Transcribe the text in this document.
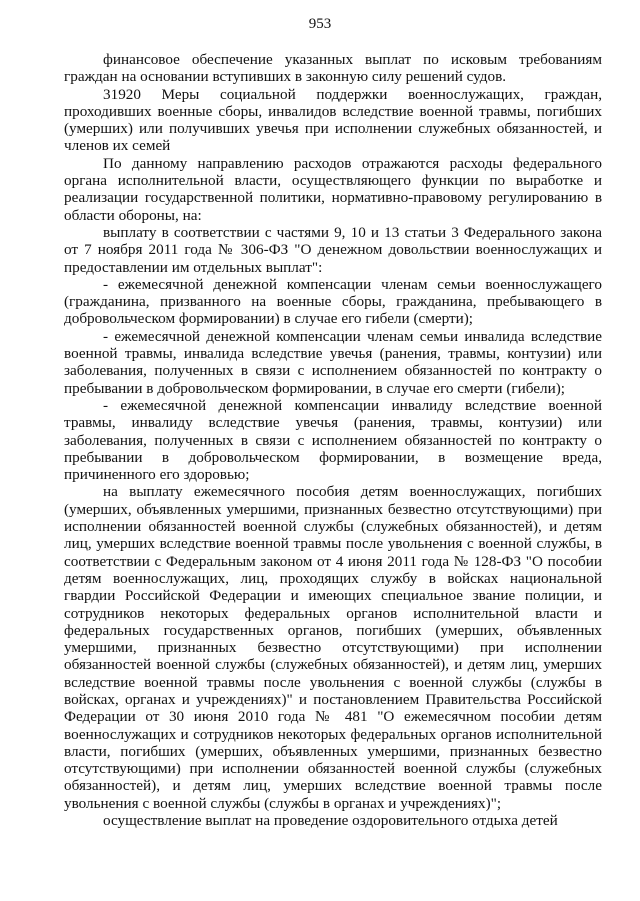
953

финансовое обеспечение указанных выплат по исковым требованиям граждан на основании вступивших в законную силу решений судов.

31920 Меры социальной поддержки военнослужащих, граждан, проходивших военные сборы, инвалидов вследствие военной травмы, погибших (умерших) или получивших увечья при исполнении служебных обязанностей, и членов их семей

По данному направлению расходов отражаются расходы федерального органа исполнительной власти, осуществляющего функции по выработке и реализации государственной политики, нормативно-правовому регулированию в области обороны, на:

выплату в соответствии с частями 9, 10 и 13 статьи 3 Федерального закона от 7 ноября 2011 года № 306-ФЗ "О денежном довольствии военнослужащих и предоставлении им отдельных выплат":

- ежемесячной денежной компенсации членам семьи военнослужащего (гражданина, призванного на военные сборы, гражданина, пребывающего в добровольческом формировании) в случае его гибели (смерти);

- ежемесячной денежной компенсации членам семьи инвалида вследствие военной травмы, инвалида вследствие увечья (ранения, травмы, контузии) или заболевания, полученных в связи с исполнением обязанностей по контракту о пребывании в добровольческом формировании, в случае его смерти (гибели);

- ежемесячной денежной компенсации инвалиду вследствие военной травмы, инвалиду вследствие увечья (ранения, травмы, контузии) или заболевания, полученных в связи с исполнением обязанностей по контракту о пребывании в добровольческом формировании, в возмещение вреда, причиненного его здоровью;

на выплату ежемесячного пособия детям военнослужащих, погибших (умерших, объявленных умершими, признанных безвестно отсутствующими) при исполнении обязанностей военной службы (служебных обязанностей), и детям лиц, умерших вследствие военной травмы после увольнения с военной службы, в соответствии с Федеральным законом от 4 июня 2011 года № 128-ФЗ "О пособии детям военнослужащих, лиц, проходящих службу в войсках национальной гвардии Российской Федерации и имеющих специальное звание полиции, и сотрудников некоторых федеральных органов исполнительной власти и федеральных государственных органов, погибших (умерших, объявленных умершими, признанных безвестно отсутствующими) при исполнении обязанностей военной службы (служебных обязанностей), и детям лиц, умерших вследствие военной травмы после увольнения с военной службы (службы в войсках, органах и учреждениях)" и постановлением Правительства Российской Федерации от 30 июня 2010 года № 481 "О ежемесячном пособии детям военнослужащих и сотрудников некоторых федеральных органов исполнительной власти, погибших (умерших, объявленных умершими, признанных безвестно отсутствующими) при исполнении обязанностей военной службы (служебных обязанностей), и детям лиц, умерших вследствие военной травмы после увольнения с военной службы (службы в органах и учреждениях)";

осуществление выплат на проведение оздоровительного отдыха детей
